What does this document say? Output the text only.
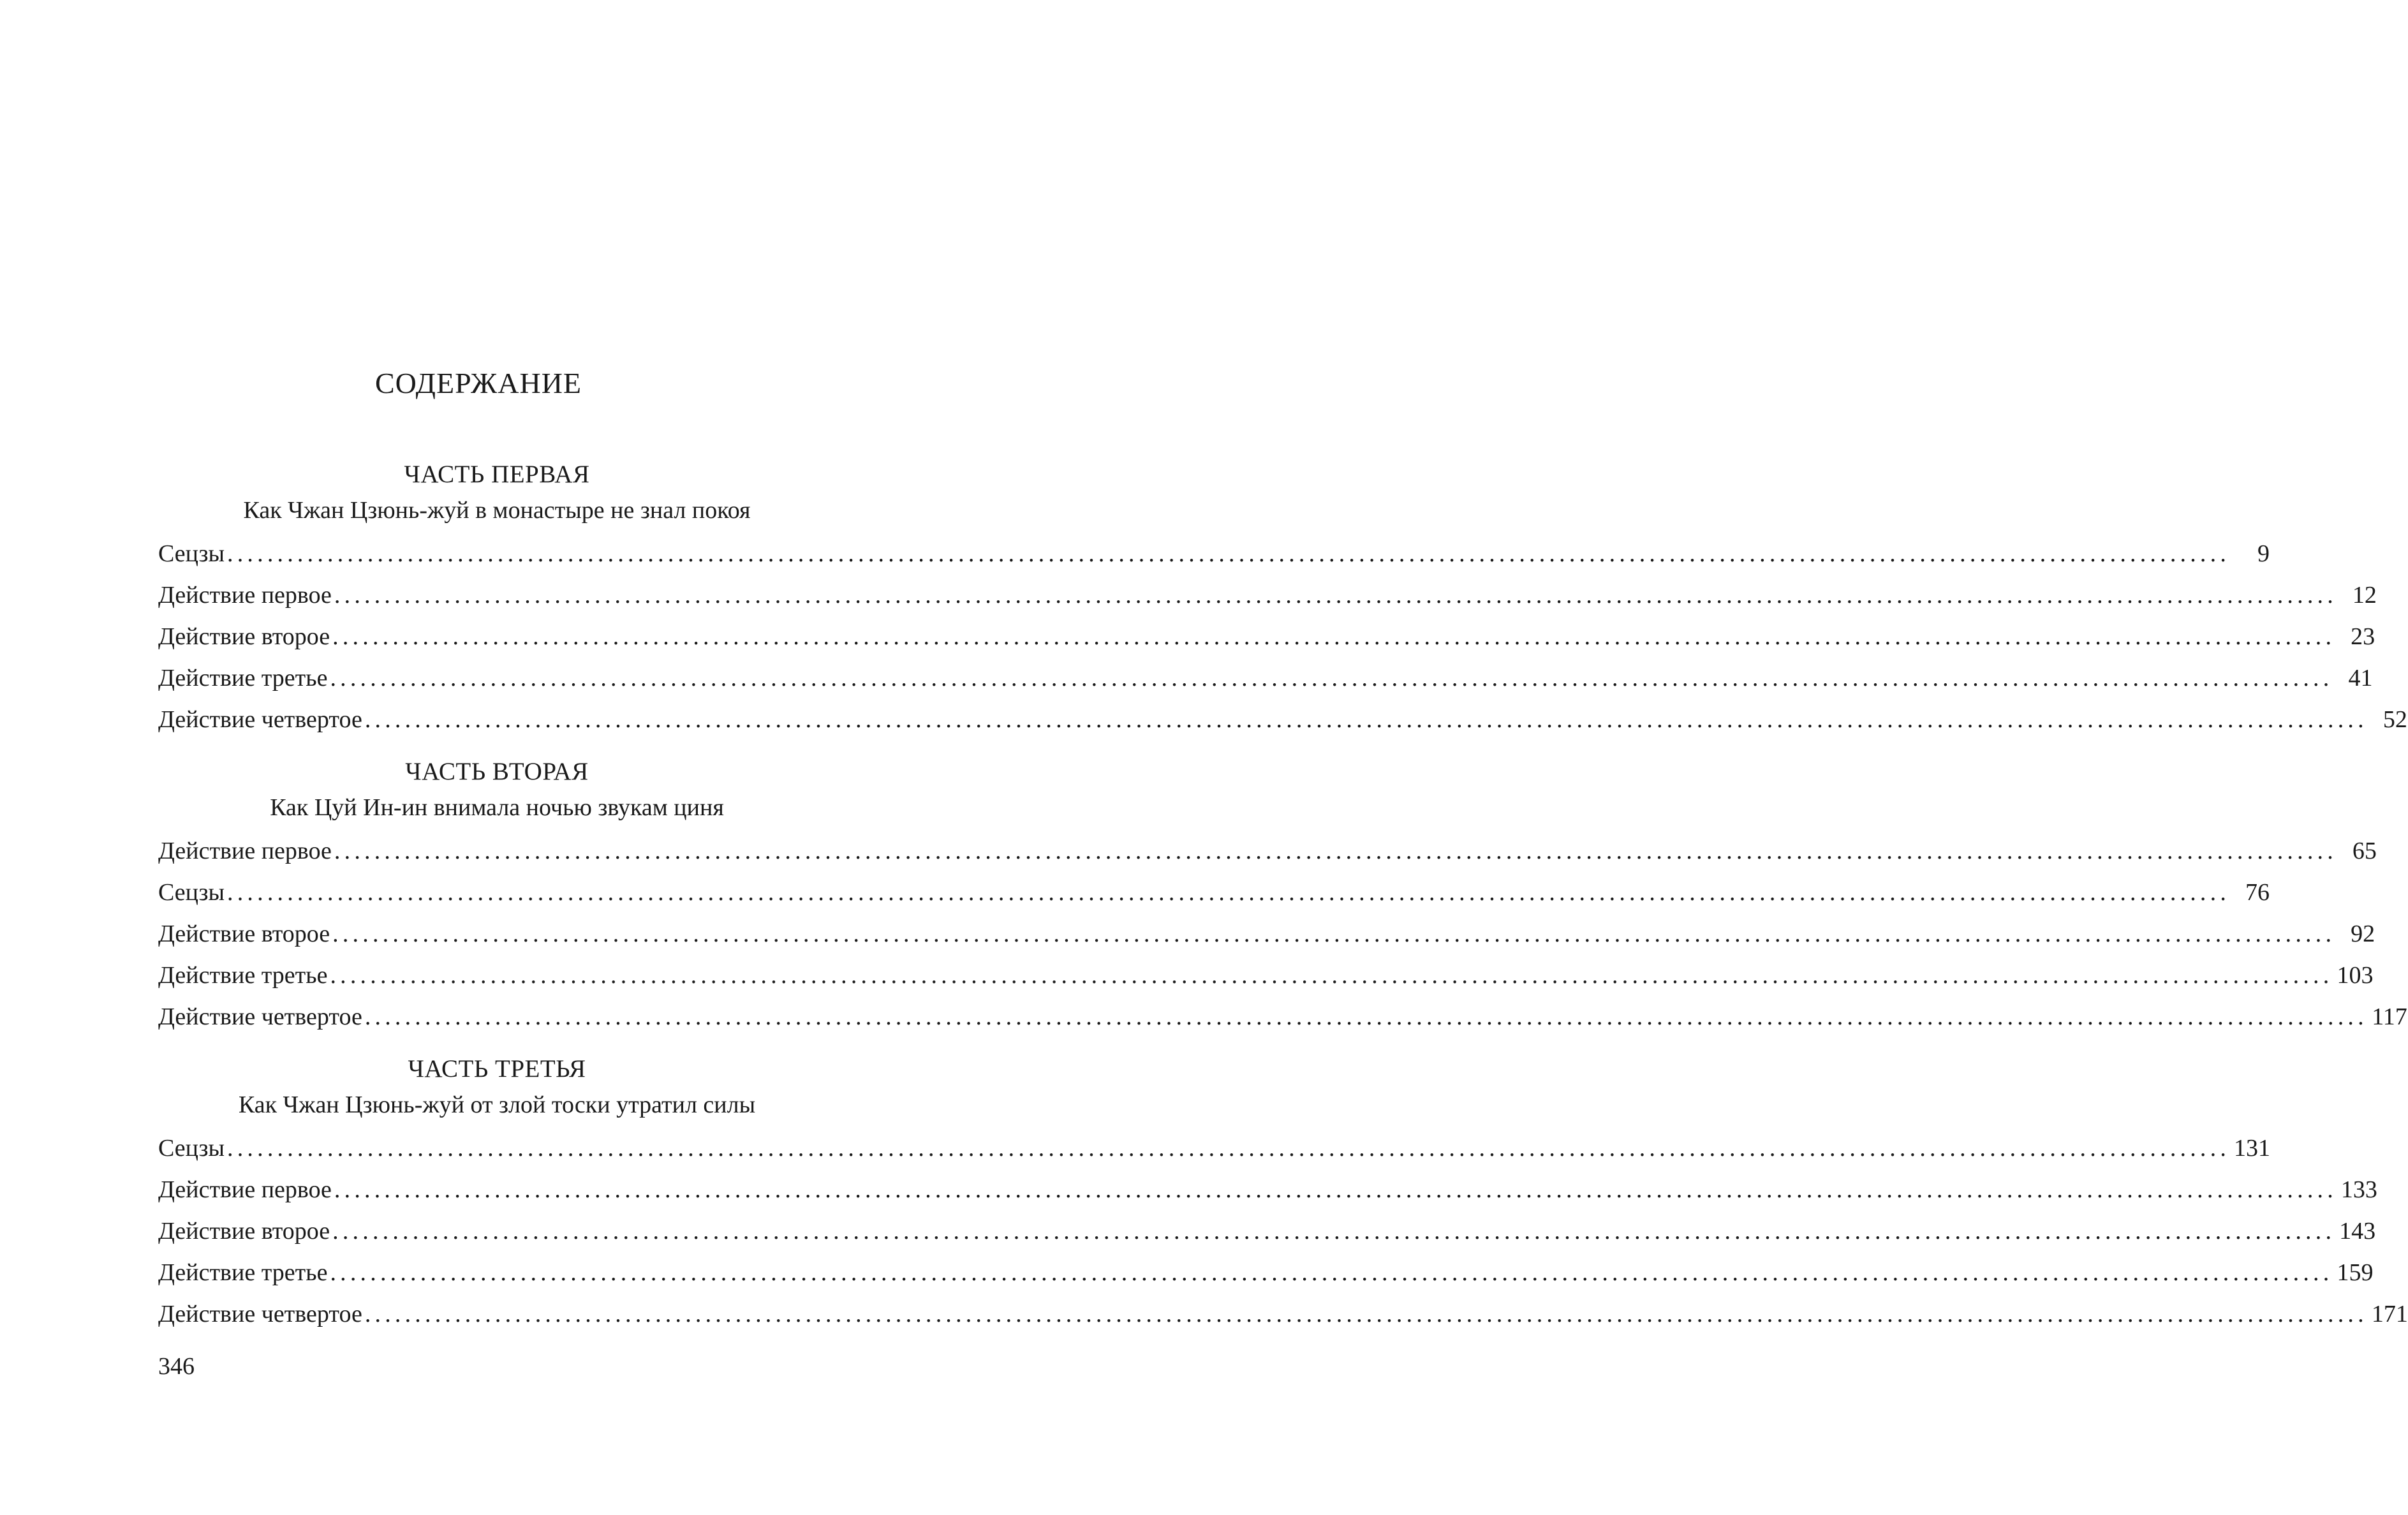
СОДЕРЖАНИЕ
ЧАСТЬ ПЕРВАЯ
Как Чжан Цзюнь-жуй в монастыре не знал покоя
Сецзы ........................................................................................................................................................................................................	9
Действие первое ........................................................................................................................................................................................................ 12
Действие второе ........................................................................................................................................................................................................ 23
Действие третье ........................................................................................................................................................................................................ 41
Действие четвертое ........................................................................................................................................................................................................ 52
ЧАСТЬ ВТОРАЯ
Как Цуй Ин-ин внимала ночью звукам циня
Действие первое ........................................................................................................................................................................................................ 65
Сецзы ........................................................................................................................................................................................................ 76
Действие второе ........................................................................................................................................................................................................ 92
Действие третье ........................................................................................................................................................................................................ 103
Действие четвертое ........................................................................................................................................................................................................ 117
ЧАСТЬ ТРЕТЬЯ
Как Чжан Цзюнь-жуй от злой тоски утратил силы
Сецзы ........................................................................................................................................................................................................ 131
Действие первое ........................................................................................................................................................................................................ 133
Действие второе ........................................................................................................................................................................................................ 143
Действие третье ........................................................................................................................................................................................................ 159
Действие четвертое ........................................................................................................................................................................................................ 171
346
